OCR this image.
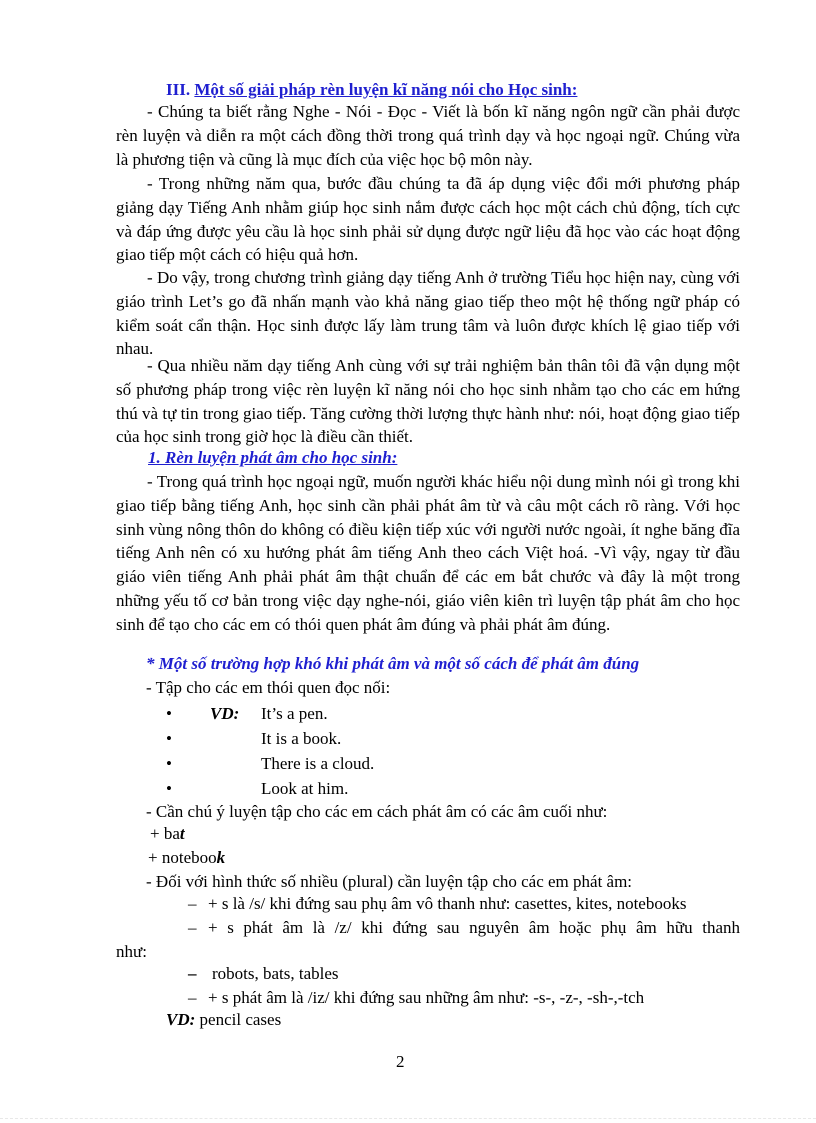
III. Một số giải pháp rèn luyện kĩ năng nói cho Học sinh:
- Chúng ta biết rằng Nghe - Nói - Đọc - Viết là bốn kĩ năng ngôn ngữ cần phải được rèn luyện và diễn ra một cách đồng thời trong quá trình dạy và học ngoại ngữ. Chúng vừa là phương tiện và cũng là mục đích của việc học bộ môn này.
- Trong những năm qua, bước đầu chúng ta đã áp dụng việc đổi mới phương pháp giảng dạy Tiếng Anh nhằm giúp học sinh nắm được cách học một cách chủ động, tích cực và đáp ứng được yêu cầu là học sinh phải sử dụng được ngữ liệu đã học vào các hoạt động giao tiếp một cách có hiệu quả hơn.
- Do vậy, trong chương trình giảng dạy tiếng Anh ở trường Tiểu học hiện nay, cùng với giáo trình Let’s go đã nhấn mạnh vào khả năng giao tiếp theo một hệ thống ngữ pháp có kiểm soát cẩn thận. Học sinh được lấy làm trung tâm và luôn được khích lệ giao tiếp với nhau.
- Qua nhiều năm dạy tiếng Anh cùng với sự trải nghiệm bản thân tôi đã vận dụng một số phương pháp trong việc rèn luyện kĩ năng nói cho học sinh nhằm tạo cho các em hứng thú và tự tin trong giao tiếp. Tăng cường thời lượng thực hành như: nói, hoạt động giao tiếp của học sinh trong giờ học là điều cần thiết.
1. Rèn luyện phát âm cho học sinh:
- Trong quá trình học ngoại ngữ, muốn người khác hiểu nội dung mình nói gì trong khi giao tiếp bằng tiếng Anh, học sinh cần phải phát âm từ và câu một cách rõ ràng. Với học sinh vùng nông thôn do không có điều kiện tiếp xúc với người nước ngoài, ít nghe băng đĩa tiếng Anh nên có xu hướng phát âm tiếng Anh theo cách Việt hoá. -Vì vậy, ngay từ đầu giáo viên tiếng Anh phải phát âm thật chuẩn để các em bắt chước và đây là một trong những yếu tố cơ bản trong việc dạy nghe-nói, giáo viên kiên trì luyện tập phát âm cho học sinh để tạo cho các em có thói quen phát âm đúng và phải phát âm đúng.
* Một số trường hợp khó khi phát âm và một số cách để phát âm đúng
- Tập cho các em thói quen đọc nối:
• VD: It’s a pen.
•	It is a book.
•	There is a cloud.
•	Look at him.
- Cần chú ý luyện tập cho các em cách phát âm có các âm cuối như:
+ bat
+ notebook
- Đối với hình thức số nhiều (plural) cần luyện tập cho các em phát âm:
– + s là /s/ khi đứng sau phụ âm vô thanh như: casettes, kites, notebooks
– + s phát âm là /z/ khi đứng sau nguyên âm hoặc phụ âm hữu thanh
như:
– robots, bats, tables
– + s phát âm là /iz/ khi đứng sau những âm như: -s-, -z-, -sh-,-tch
VD: pencil cases
2
